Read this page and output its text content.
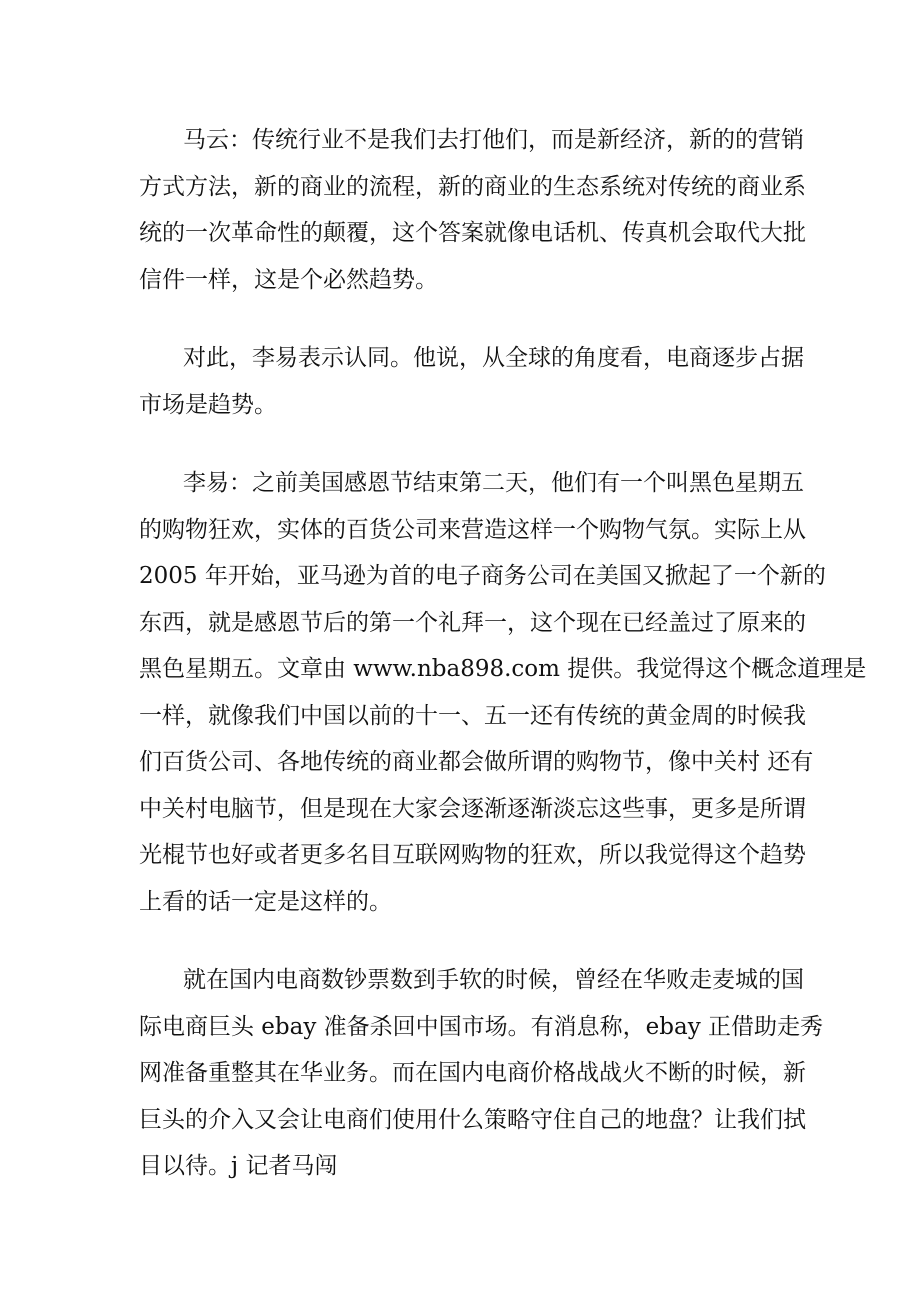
马云：传统行业不是我们去打他们，而是新经济，新的的营销
方式方法，新的商业的流程，新的商业的生态系统对传统的商业系
统的一次革命性的颠覆，这个答案就像电话机、传真机会取代大批
信件一样，这是个必然趋势。

对此，李易表示认同。他说，从全球的角度看，电商逐步占据
市场是趋势。

李易：之前美国感恩节结束第二天，他们有一个叫黑色星期五
的购物狂欢，实体的百货公司来营造这样一个购物气氛。实际上从
2005 年开始，亚马逊为首的电子商务公司在美国又掀起了一个新的
东西，就是感恩节后的第一个礼拜一，这个现在已经盖过了原来的
黑色星期五。文章由 www.nba898.com 提供。我觉得这个概念道理是
一样，就像我们中国以前的十一、五一还有传统的黄金周的时候我
们百货公司、各地传统的商业都会做所谓的购物节，像中关村 还有
中关村电脑节，但是现在大家会逐渐逐渐淡忘这些事，更多是所谓
光棍节也好或者更多名目互联网购物的狂欢，所以我觉得这个趋势
上看的话一定是这样的。

就在国内电商数钞票数到手软的时候，曾经在华败走麦城的国
际电商巨头 ebay 准备杀回中国市场。有消息称，ebay 正借助走秀
网准备重整其在华业务。而在国内电商价格战战火不断的时候，新
巨头的介入又会让电商们使用什么策略守住自己的地盘？让我们拭
目以待。j 记者马闯
